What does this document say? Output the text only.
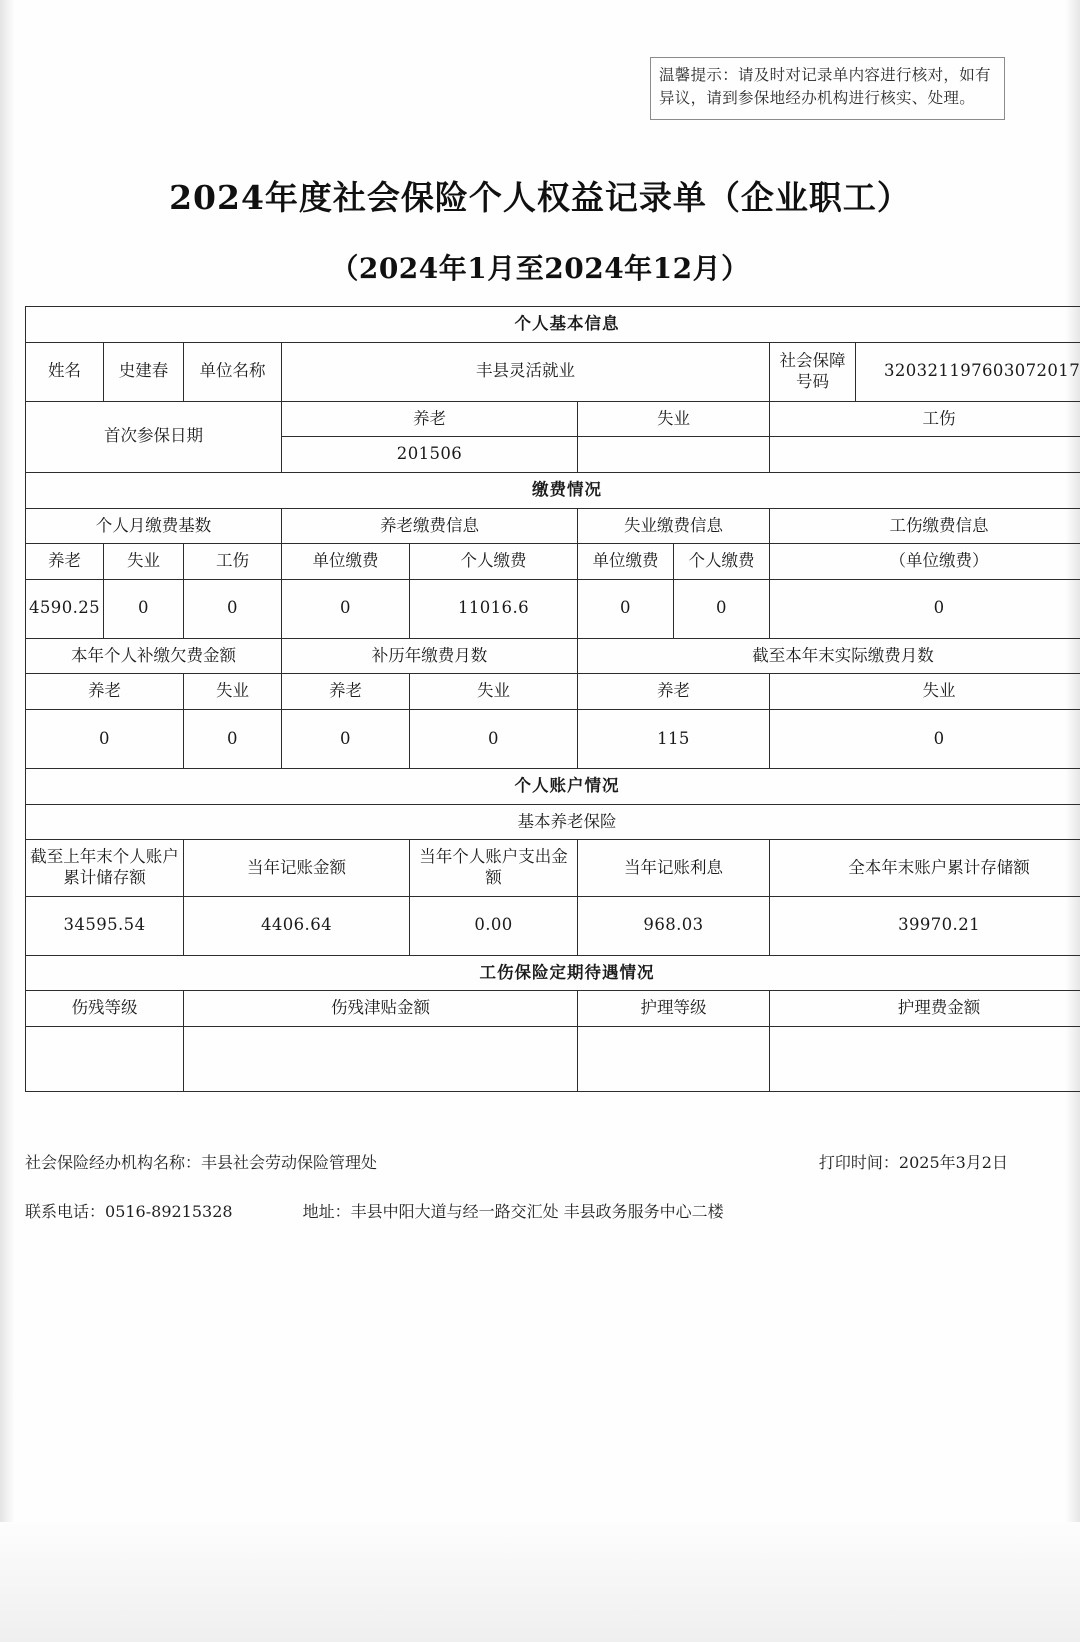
温馨提示：请及时对记录单内容进行核对，如有异议，请到参保地经办机构进行核实、处理。
2024年度社会保险个人权益记录单（企业职工）
（2024年1月至2024年12月）
个人基本信息								
姓名	史建春	单位名称	丰县灵活就业				社会保障号码	320321197603072017
首次参保日期			养老		失业		工伤	
			201506					
缴费情况								
个人月缴费基数			养老缴费信息		失业缴费信息		工伤缴费信息	
养老	失业	工伤	单位缴费	个人缴费	单位缴费	个人缴费	（单位缴费）	
4590.25	0	0	0	11016.6	0	0	0	
本年个人补缴欠费金额			补历年缴费月数		截至本年末实际缴费月数			
养老		失业	养老	失业	养老		失业	
0		0	0	0	115		0	
个人账户情况								
基本养老保险								
截至上年末个人账户累计储存额		当年记账金额		当年个人账户支出金额	当年记账利息		全本年末账户累计存储额	
34595.54		4406.64		0.00	968.03		39970.21	
工伤保险定期待遇情况								
伤残等级		伤残津贴金额			护理等级		护理费金额	

社会保险经办机构名称：丰县社会劳动保险管理处	打印时间：2025年3月2日
联系电话：0516-89215328	地址：丰县中阳大道与经一路交汇处 丰县政务服务中心二楼
